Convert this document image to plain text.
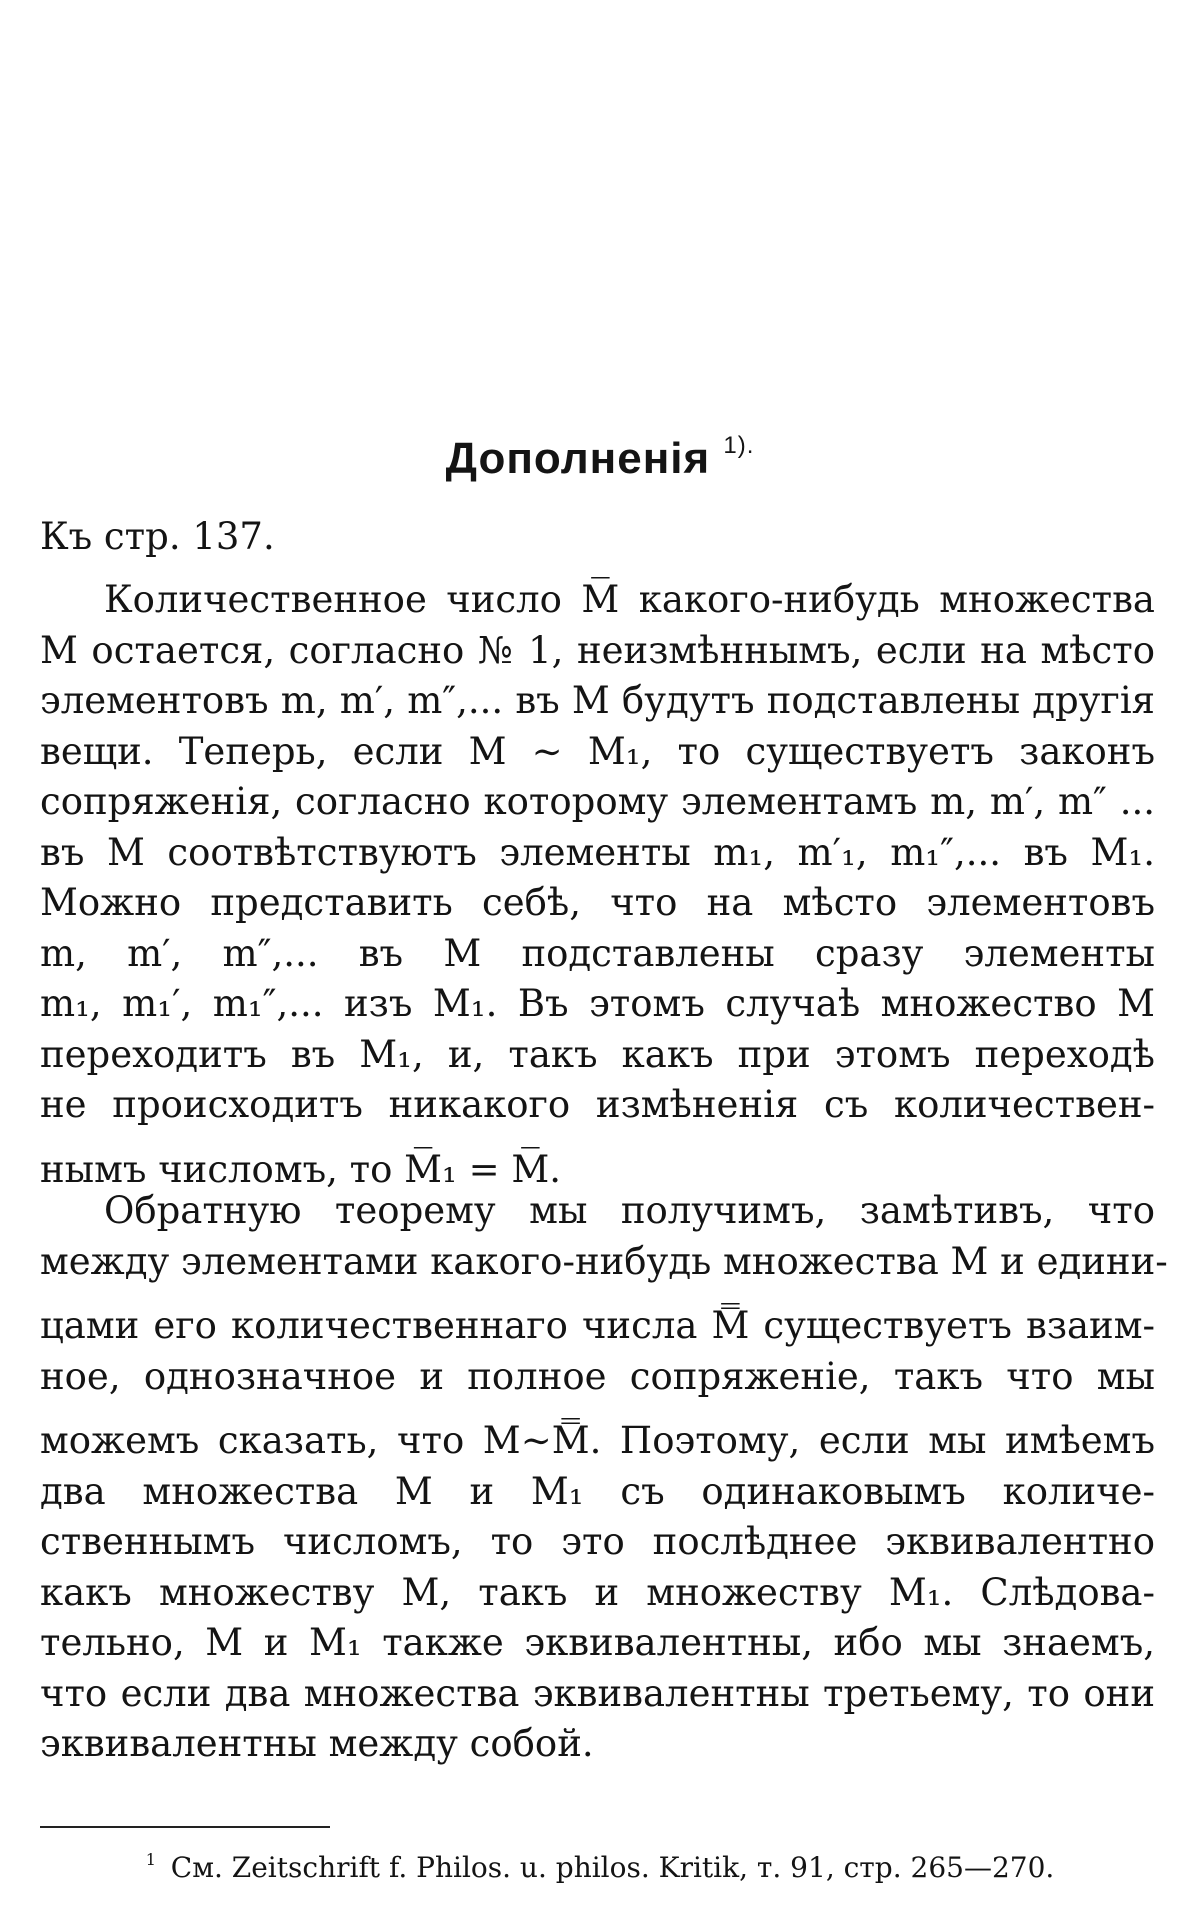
Дополненія $^{1).}$
Къ стр. 137.
Количественное число M̅ какого-нибудь множества
M остается, согласно № 1, неизмѣннымъ, если на мѣсто
элементовъ m, m′, m″,... въ M будутъ подставлены другія
вещи. Теперь, если M ∼ M₁, то существуетъ законъ
сопряженія, согласно которому элементамъ m, m′, m″ ...
въ M соотвѣтствуютъ элементы m₁, m′₁, m₁″,... въ M₁.
Можно представить себѣ, что на мѣсто элементовъ
m, m′, m″,... въ M подставлены сразу элементы
m₁, m₁′, m₁″,... изъ M₁. Въ этомъ случаѣ множество M
переходитъ въ M₁, и, такъ какъ при этомъ переходѣ
не происходитъ никакого измѣненія съ количествен-
нымъ числомъ, то M̅₁ = M̅.
Обратную теорему мы получимъ, замѣтивъ, что
между элементами какого-нибудь множества M и едини-
цами его количественнаго числа M̿ существуетъ взаим-
ное, однозначное и полное сопряженіе, такъ что мы
можемъ сказать, что M∼M̿. Поэтому, если мы имѣемъ
два множества M и M₁ съ одинаковымъ количе-
ственнымъ числомъ, то это послѣднее эквивалентно
какъ множеству M, такъ и множеству M₁. Слѣдова-
тельно, M и M₁ также эквивалентны, ибо мы знаемъ,
что если два множества эквивалентны третьему, то они
эквивалентны между собой.
$^1$ См. Zeitschrift f. Philos. u. philos. Kritik, т. 91, стр. 265—270.
